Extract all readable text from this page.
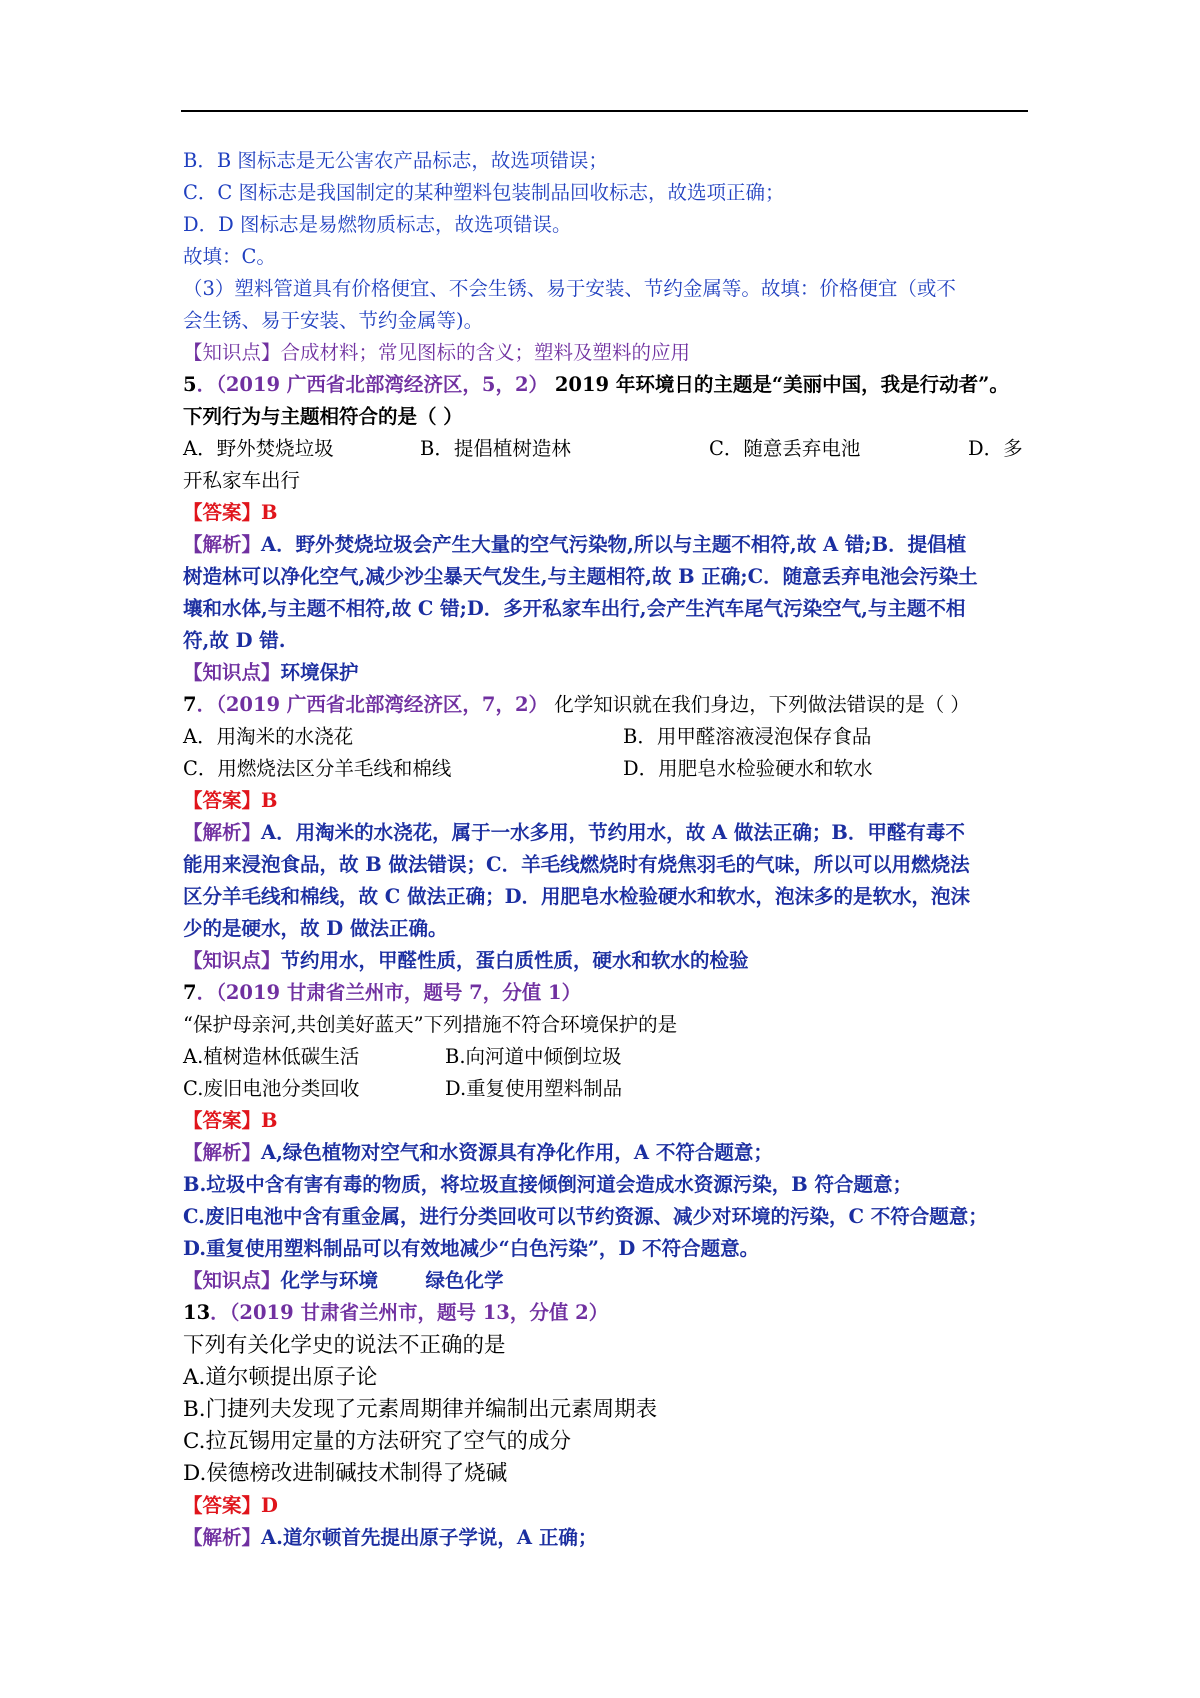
B．B 图标志是无公害农产品标志，故选项错误；
C．C 图标志是我国制定的某种塑料包装制品回收标志，故选项正确；
D．D 图标志是易燃物质标志，故选项错误。
故填：C。
（3）塑料管道具有价格便宜、不会生锈、易于安装、节约金属等。故填：价格便宜（或不
会生锈、易于安装、节约金属等)。
【知识点】合成材料；常见图标的含义；塑料及塑料的应用
5．（2019 广西省北部湾经济区，5，2） 2019 年环境日的主题是“美丽中国，我是行动者”。
下列行为与主题相符合的是（ ）
A．野外焚烧垃圾	B．提倡植树造林	C．随意丢弃电池	D．多
开私家车出行
【答案】B
【解析】A．野外焚烧垃圾会产生大量的空气污染物,所以与主题不相符,故 A 错;B．提倡植
树造林可以净化空气,减少沙尘暴天气发生,与主题相符,故 B 正确;C．随意丢弃电池会污染土
壤和水体,与主题不相符,故 C 错;D．多开私家车出行,会产生汽车尾气污染空气,与主题不相
符,故 D 错.
【知识点】环境保护
7．（2019 广西省北部湾经济区，7，2） 化学知识就在我们身边，下列做法错误的是（ ）
A．用淘米的水浇花	B．用甲醛溶液浸泡保存食品
C．用燃烧法区分羊毛线和棉线	D．用肥皂水检验硬水和软水
【答案】B
【解析】A．用淘米的水浇花，属于一水多用，节约用水，故 A 做法正确；B．甲醛有毒不
能用来浸泡食品，故 B 做法错误；C．羊毛线燃烧时有烧焦羽毛的气味，所以可以用燃烧法
区分羊毛线和棉线，故 C 做法正确；D．用肥皂水检验硬水和软水，泡沫多的是软水，泡沫
少的是硬水，故 D 做法正确。
【知识点】节约用水，甲醛性质，蛋白质性质，硬水和软水的检验
7．（2019 甘肃省兰州市，题号 7，分值 1）
“保护母亲河,共创美好蓝天”下列措施不符合环境保护的是
A.植树造林低碳生活	B.向河道中倾倒垃圾
C.废旧电池分类回收	D.重复使用塑料制品
【答案】B
【解析】A,绿色植物对空气和水资源具有净化作用，A 不符合题意；
B.垃圾中含有害有毒的物质，将垃圾直接倾倒河道会造成水资源污染，B 符合题意；
C.废旧电池中含有重金属，进行分类回收可以节约资源、减少对环境的污染，C 不符合题意；
D.重复使用塑料制品可以有效地减少“白色污染”，D 不符合题意。
【知识点】化学与环境       绿色化学
13．（2019 甘肃省兰州市，题号 13，分值 2）
下列有关化学史的说法不正确的是
A.道尔顿提出原子论
B.门捷列夫发现了元素周期律并编制出元素周期表
C.拉瓦锡用定量的方法研究了空气的成分
D.侯德榜改进制碱技术制得了烧碱
【答案】D
【解析】A.道尔顿首先提出原子学说，A 正确；
